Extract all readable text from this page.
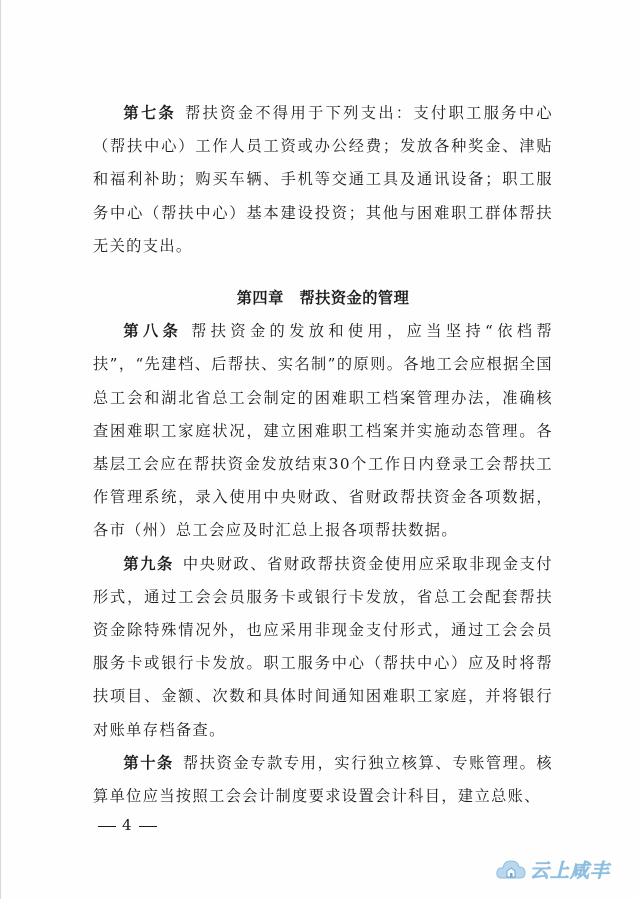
第七条 帮扶资金不得用于下列支出：支付职工服务中心（帮扶中心）工作人员工资或办公经费；发放各种奖金、津贴和福利补助；购买车辆、手机等交通工具及通讯设备；职工服务中心（帮扶中心）基本建设投资；其他与困难职工群体帮扶无关的支出。

第四章　帮扶资金的管理

第八条 帮扶资金的发放和使用，应当坚持“依档帮扶”，“先建档、后帮扶、实名制”的原则。各地工会应根据全国总工会和湖北省总工会制定的困难职工档案管理办法，准确核查困难职工家庭状况，建立困难职工档案并实施动态管理。各基层工会应在帮扶资金发放结束30个工作日内登录工会帮扶工作管理系统，录入使用中央财政、省财政帮扶资金各项数据，各市（州）总工会应及时汇总上报各项帮扶数据。

第九条 中央财政、省财政帮扶资金使用应采取非现金支付形式，通过工会会员服务卡或银行卡发放，省总工会配套帮扶资金除特殊情况外，也应采用非现金支付形式，通过工会会员服务卡或银行卡发放。职工服务中心（帮扶中心）应及时将帮扶项目、金额、次数和具体时间通知困难职工家庭，并将银行对账单存档备查。

第十条 帮扶资金专款专用，实行独立核算、专账管理。核算单位应当按照工会会计制度要求设置会计科目，建立总账、

4
云上咸丰
